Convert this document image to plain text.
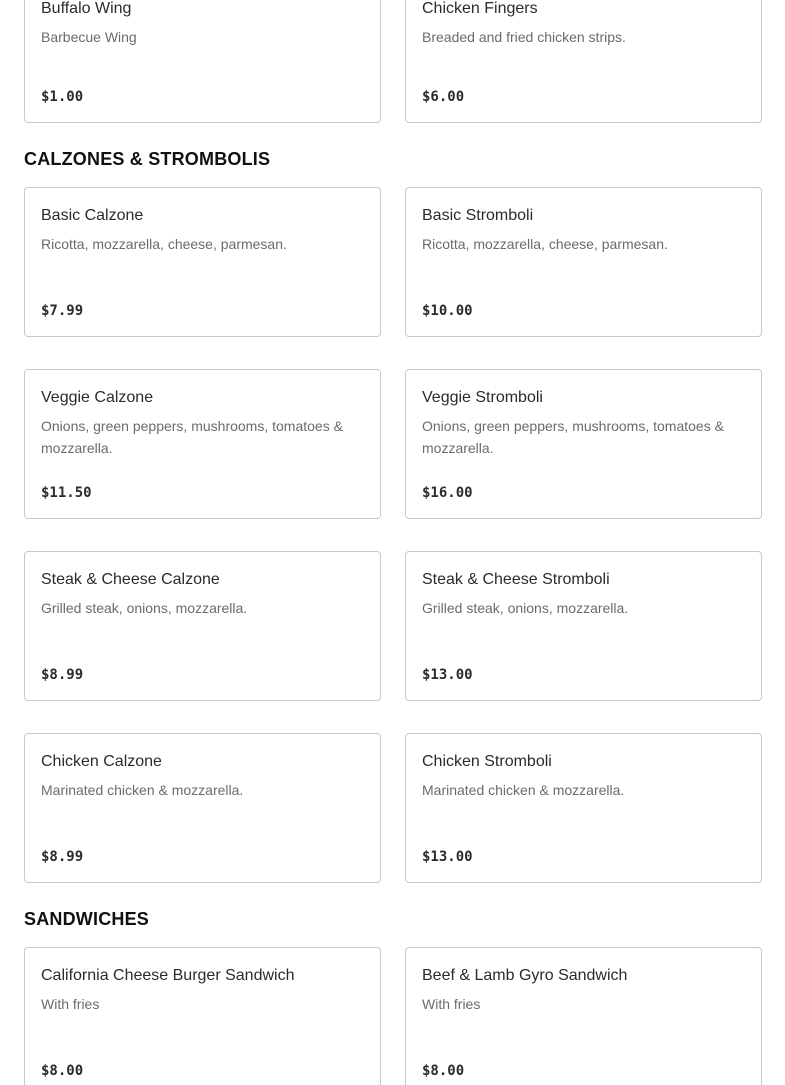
Buffalo Wing
Barbecue Wing
$1.00
Chicken Fingers
Breaded and fried chicken strips.
$6.00
CALZONES & STROMBOLIS
Basic Calzone
Ricotta, mozzarella, cheese, parmesan.
$7.99
Basic Stromboli
Ricotta, mozzarella, cheese, parmesan.
$10.00
Veggie Calzone
Onions, green peppers, mushrooms, tomatoes & mozzarella.
$11.50
Veggie Stromboli
Onions, green peppers, mushrooms, tomatoes & mozzarella.
$16.00
Steak & Cheese Calzone
Grilled steak, onions, mozzarella.
$8.99
Steak & Cheese Stromboli
Grilled steak, onions, mozzarella.
$13.00
Chicken Calzone
Marinated chicken & mozzarella.
$8.99
Chicken Stromboli
Marinated chicken & mozzarella.
$13.00
SANDWICHES
California Cheese Burger Sandwich
With fries
$8.00
Beef & Lamb Gyro Sandwich
With fries
$8.00
